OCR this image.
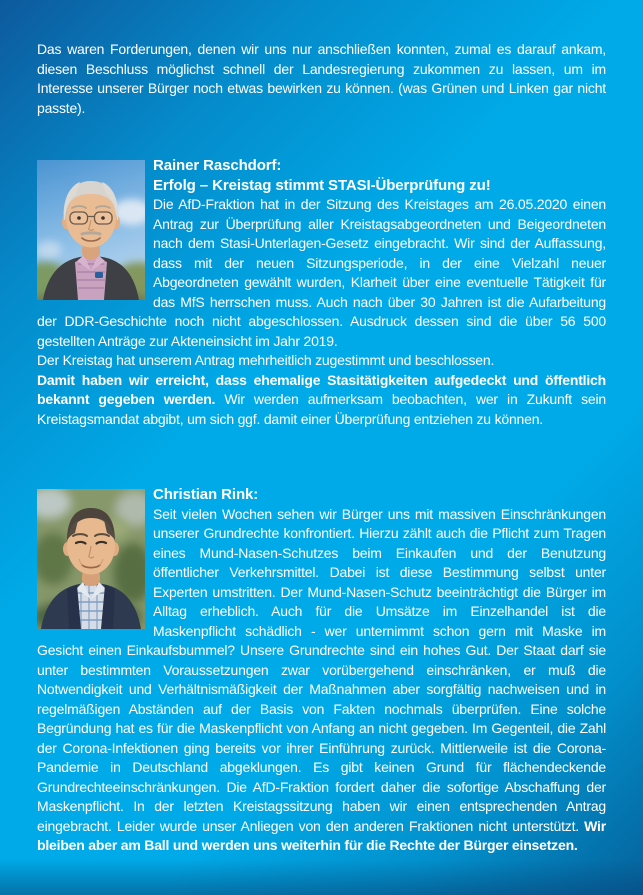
Das waren Forderungen, denen wir uns nur anschließen konnten, zumal es darauf ankam, diesen Beschluss möglichst schnell der Landesregierung zukommen zu lassen, um im Interesse unserer Bürger noch etwas bewirken zu können. (was Grünen und Linken gar nicht passte).

Rainer Raschdorf:
Erfolg – Kreistag stimmt STASI-Überprüfung zu!

Die AfD-Fraktion hat in der Sitzung des Kreistages am 26.05.2020 einen Antrag zur Überprüfung aller Kreistagsabgeordneten und Beigeordneten nach dem Stasi-Unterlagen-Gesetz eingebracht. Wir sind der Auffassung, dass mit der neuen Sitzungsperiode, in der eine Vielzahl neuer Abgeordneten gewählt wurden, Klarheit über eine eventuelle Tätigkeit für das MfS herrschen muss. Auch nach über 30 Jahren ist die Aufarbeitung der DDR-Geschichte noch nicht abgeschlossen. Ausdruck dessen sind die über 56 500 gestellten Anträge zur Akteneinsicht im Jahr 2019.

Der Kreistag hat unserem Antrag mehrheitlich zugestimmt und beschlossen.

Damit haben wir erreicht, dass ehemalige Stasitätigkeiten aufgedeckt und öffentlich bekannt gegeben werden. Wir werden aufmerksam beobachten, wer in Zukunft sein Kreistagsmandat abgibt, um sich ggf. damit einer Überprüfung entziehen zu können.

Christian Rink:

Seit vielen Wochen sehen wir Bürger uns mit massiven Einschränkungen unserer Grundrechte konfrontiert. Hierzu zählt auch die Pflicht zum Tragen eines Mund-Nasen-Schutzes beim Einkaufen und der Benutzung öffentlicher Verkehrsmittel. Dabei ist diese Bestimmung selbst unter Experten umstritten. Der Mund-Nasen-Schutz beeinträchtigt die Bürger im Alltag erheblich. Auch für die Umsätze im Einzelhandel ist die Maskenpflicht schädlich - wer unternimmt schon gern mit Maske im Gesicht einen Einkaufsbummel? Unsere Grundrechte sind ein hohes Gut. Der Staat darf sie unter bestimmten Voraussetzungen zwar vorübergehend einschränken, er muß die Notwendigkeit und Verhältnismäßigkeit der Maßnahmen aber sorgfältig nachweisen und in regelmäßigen Abständen auf der Basis von Fakten nochmals überprüfen. Eine solche Begründung hat es für die Maskenpflicht von Anfang an nicht gegeben. Im Gegenteil, die Zahl der Corona-Infektionen ging bereits vor ihrer Einführung zurück. Mittlerweile ist die Corona-Pandemie in Deutschland abgeklungen. Es gibt keinen Grund für flächendeckende Grundrechteeinschränkungen. Die AfD-Fraktion fordert daher die sofortige Abschaffung der Maskenpflicht. In der letzten Kreistagssitzung haben wir einen entsprechenden Antrag eingebracht. Leider wurde unser Anliegen von den anderen Fraktionen nicht unterstützt. Wir bleiben aber am Ball und werden uns weiterhin für die Rechte der Bürger einsetzen.
